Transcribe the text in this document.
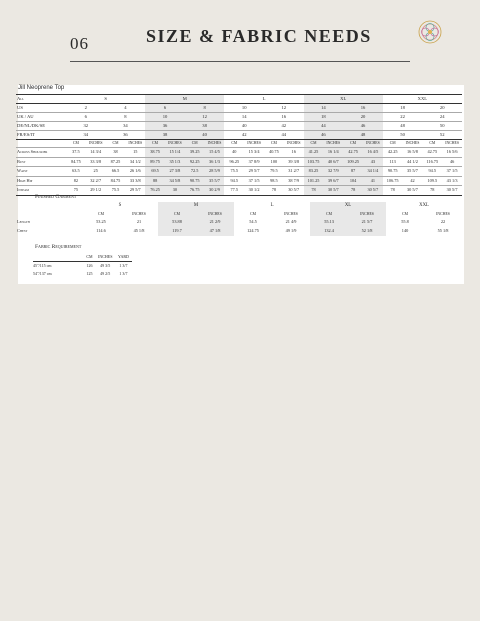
06	SIZE & FABRIC NEEDS
Jill Neoprene Top
All	S				M				L				XL				XXL			
US	2		4		6		8		10		12		14		16		18		20	
UK / AU	6		8		10		12		14		16		18		20		22		24	
DE/NL/DK/SE	32		34		36		38		40		42		44		46		48		50	
FR/ES/IT	34		36		38		40		42		44		46		48		50		52	
	CM	INCHES	CM	INCHES	CM	INCHES	CM	INCHES	CM	INCHES	CM	INCHES	CM	INCHES	CM	INCHES	CM	INCHES	CM	INCHES
Across Shoulder	37.5	14 3/4	38	15	38.75	15 1/4	39.25	15 4/5	40	15 3/4	40.75	16	41.25	16 1/4	42.75	16 4/5	42.25	16 5/8	42.75	16 5/6
Bust	84.75	33 3/8	87.25	34 1/2	89.75	35 1/3	92.25	36 1/3	96.25	37 8/9	100	39 3/8	103.75	40 6/7	109.25	43	113	44 1/2	116.75	46
Waist	63.5	25	66.5	26 1/6	69.5	27 3/8	72.5	28 5/9	75.5	29 5/7	79.5	31 2/7	83.25	32 7/9	87	34 1/4	90.75	35 5/7	94.5	37 1/5
High Hip	82	32 2/7	84.75	33 3/8	88	34 5/8	90.75	35 5/7	94.5	37 1/5	98.5	38 7/9	101.25	39 6/7	104	41	106.75	42	109.5	43 1/3
Inseam	75	29 1/2	75.5	29 5/7	76.25	30	76.75	30 2/9	77.5	30 1/2	78	30 5/7	78	30 5/7	78	30 5/7	78	30 5/7	78	30 5/7
Finished Garment
	S		M		L		XL		XXL	
	CM	INCHES	CM	INCHES	CM	INCHES	CM	INCHES	CM	INCHES
Length	53.25	21	53.88	21 2/9	54.5	21 4/9	55.13	21 5/7	55.8	22
Chest	114.6	45 1/8	119.7	47 1/8	124.75	49 1/9	132.4	52 1/8	140	55 1/8
Fabric Requirement
	CM	INCHES	YARD
45"/115 cm	126	49 3/5	1 3/7
54"/137 cm	125	49 2/5	1 3/7
